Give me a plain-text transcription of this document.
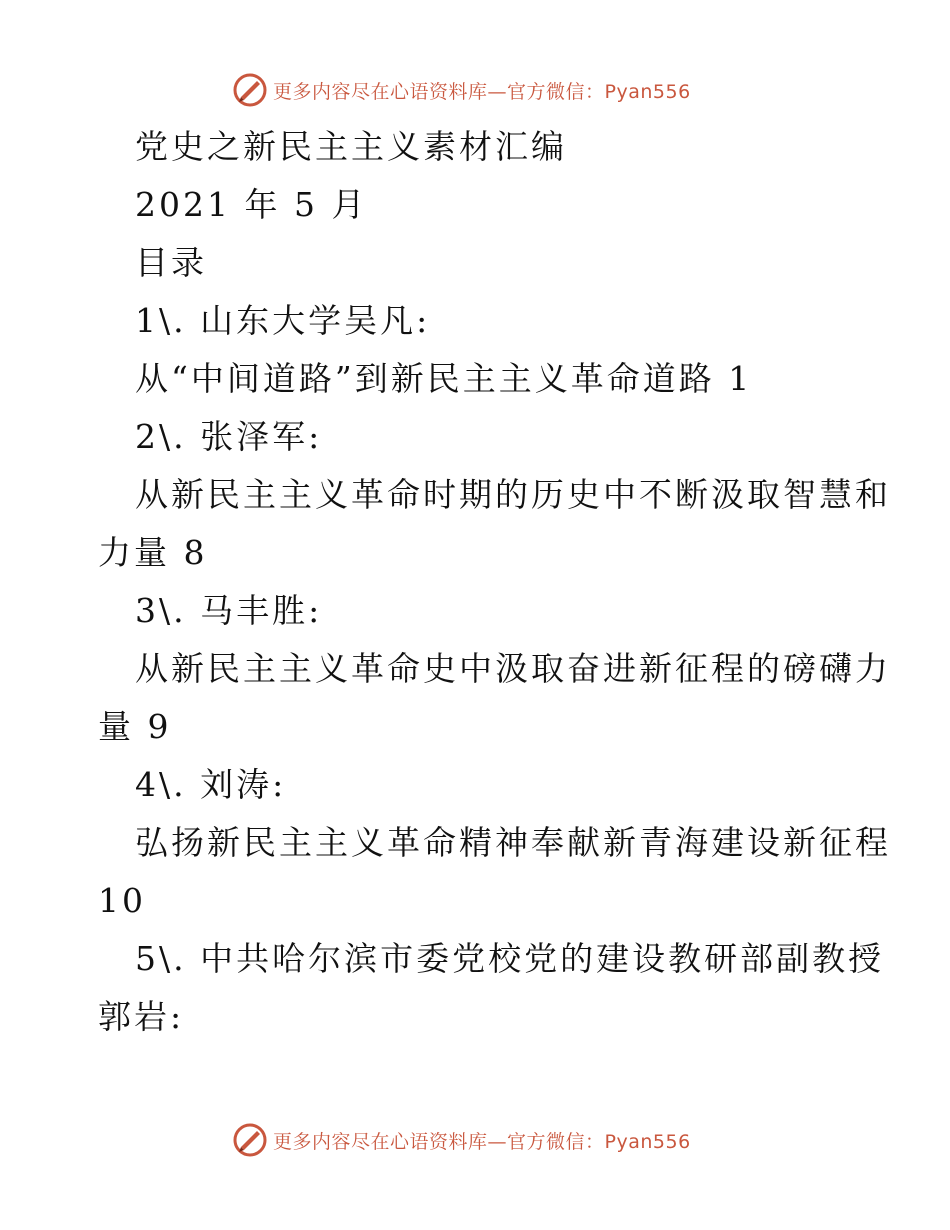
更多内容尽在心语资料库—官方微信：Pyan556
党史之新民主主义素材汇编
2021 年 5 月
目录
1\. 山东大学吴凡:
从“中间道路”到新民主主义革命道路 1
2\. 张泽军:
从新民主主义革命时期的历史中不断汲取智慧和
力量 8
3\. 马丰胜:
从新民主主义革命史中汲取奋进新征程的磅礴力
量 9
4\. 刘涛:
弘扬新民主主义革命精神奉献新青海建设新征程
10
5\. 中共哈尔滨市委党校党的建设教研部副教授
郭岩:
更多内容尽在心语资料库—官方微信：Pyan556
